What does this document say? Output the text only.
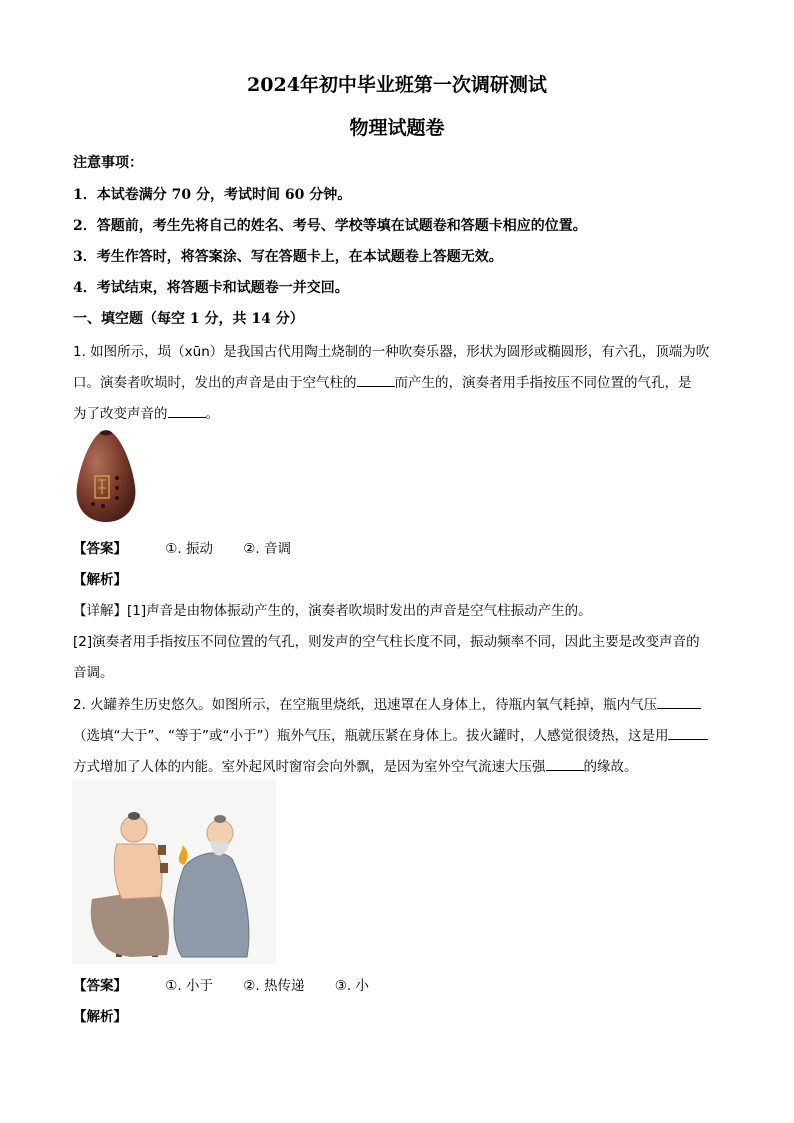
2024年初中毕业班第一次调研测试
物理试题卷
注意事项：
1．本试卷满分 70 分，考试时间 60 分钟。
2．答题前，考生先将自己的姓名、考号、学校等填在试题卷和答题卡相应的位置。
3．考生作答时，将答案涂、写在答题卡上，在本试题卷上答题无效。
4．考试结束，将答题卡和试题卷一并交回。
一、填空题（每空 1 分，共 14 分）
1. 如图所示，埙（xūn）是我国古代用陶土烧制的一种吹奏乐器，形状为圆形或椭圆形，有六孔，顶端为吹
口。演奏者吹埙时，发出的声音是由于空气柱的	而产生的，演奏者用手指按压不同位置的气孔，是
为了改变声音的	。
【答案】	①. 振动 ②. 音调
【解析】
【详解】[1]声音是由物体振动产生的，演奏者吹埙时发出的声音是空气柱振动产生的。
[2]演奏者用手指按压不同位置的气孔，则发声的空气柱长度不同，振动频率不同，因此主要是改变声音的
音调。
2. 火罐养生历史悠久。如图所示，在空瓶里烧纸，迅速罩在人身体上，待瓶内氧气耗掉，瓶内气压
（选填“大于”、“等于”或“小于”）瓶外气压，瓶就压紧在身体上。拔火罐时，人感觉很烫热，这是用
方式增加了人体的内能。室外起风时窗帘会向外飘，是因为室外空气流速大压强	的缘故。
【答案】	①. 小于 ②. 热传递 ③. 小
【解析】
